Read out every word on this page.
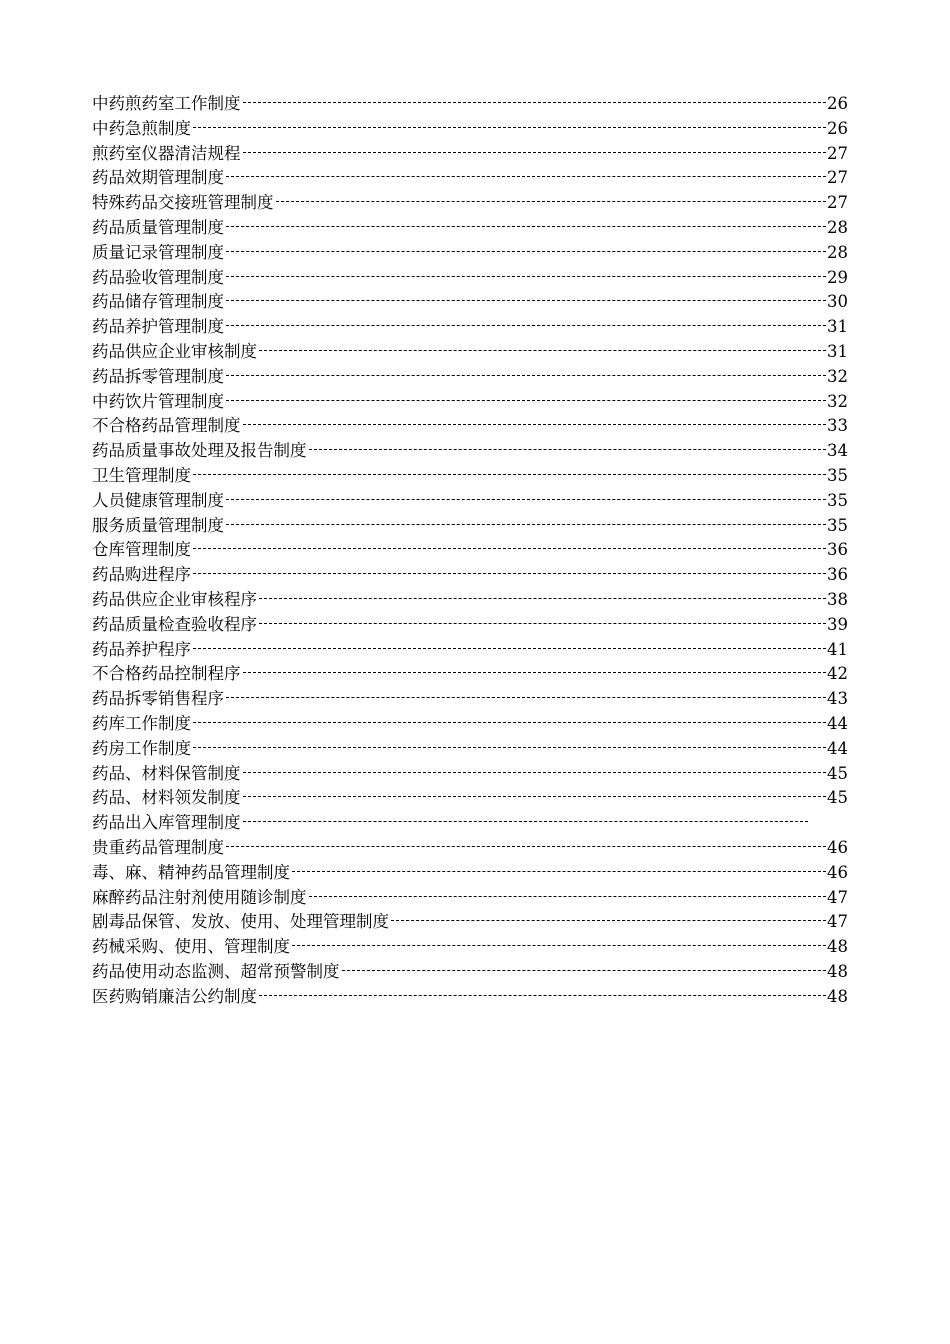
中药煎药室工作制度	26
中药急煎制度	26
煎药室仪器清洁规程	27
药品效期管理制度	27
特殊药品交接班管理制度	27
药品质量管理制度	28
质量记录管理制度	28
药品验收管理制度	29
药品储存管理制度	30
药品养护管理制度	31
药品供应企业审核制度	31
药品拆零管理制度	32
中药饮片管理制度	32
不合格药品管理制度	33
药品质量事故处理及报告制度	34
卫生管理制度	35
人员健康管理制度	35
服务质量管理制度	35
仓库管理制度	36
药品购进程序	36
药品供应企业审核程序	38
药品质量检查验收程序	39
药品养护程序	41
不合格药品控制程序	42
药品拆零销售程序	43
药库工作制度	44
药房工作制度	44
药品、材料保管制度	45
药品、材料领发制度	45
药品出入库管理制度
贵重药品管理制度	46
毒、麻、精神药品管理制度	46
麻醉药品注射剂使用随诊制度	47
剧毒品保管、发放、使用、处理管理制度	47
药械采购、使用、管理制度	48
药品使用动态监测、超常预警制度	48
医药购销廉洁公约制度	48
